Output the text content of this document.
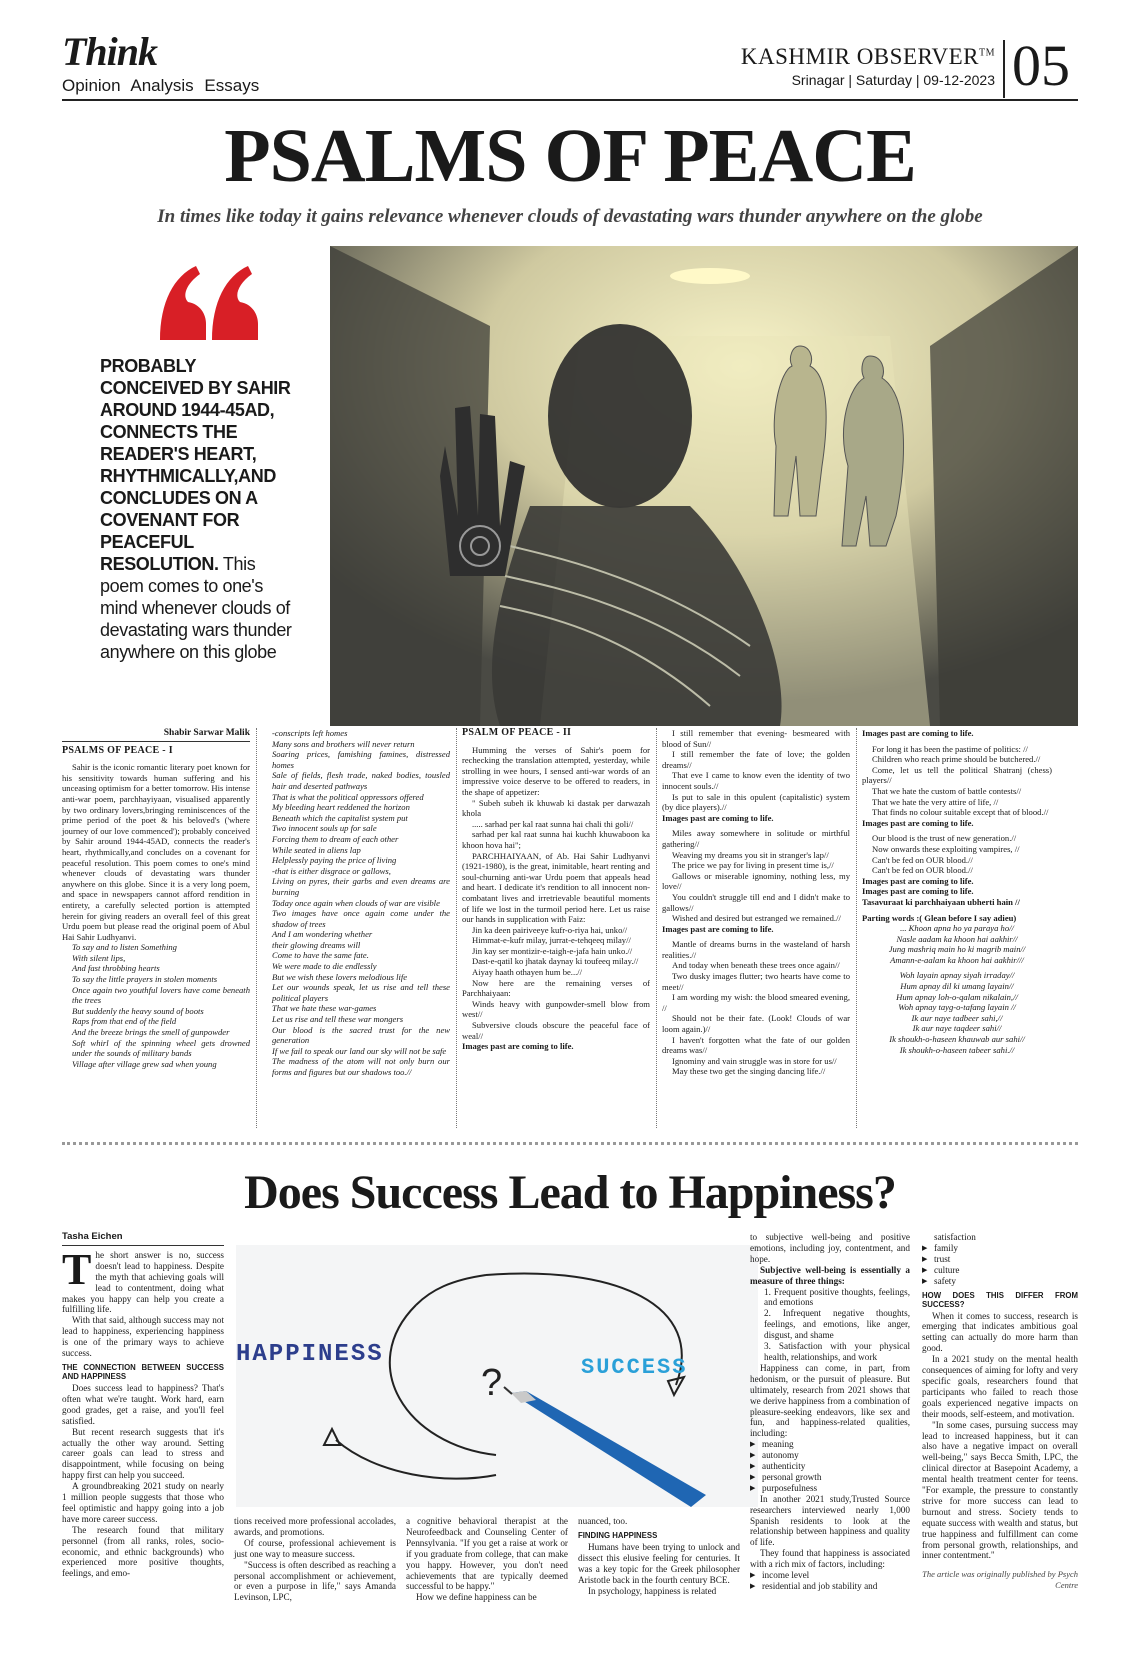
Think
Opinion Analysis Essays
KASHMIR OBSERVER™
Srinagar | Saturday | 09-12-2023 05
PSALMS OF PEACE
In times like today it gains relevance whenever clouds of devastating wars thunder anywhere on the globe
PROBABLY CONCEIVED BY SAHIR AROUND 1944-45AD, CONNECTS THE READER'S HEART, RHYTHMICALLY,AND CONCLUDES ON A COVENANT FOR PEACEFUL RESOLUTION. This poem comes to one's mind whenever clouds of devastating wars thunder anywhere on this globe
Shabir Sarwar Malik
PSALMS OF PEACE - I

Sahir is the iconic romantic literary poet known for his sensitivity towards human suffering and his unceasing optimism for a better tomorrow. His intense anti-war poem, parchhayiyaan, visualised apparently by two ordinary lovers,bringing reminiscences of the prime period of the poet & his beloved's ('where journey of our love commenced'); probably conceived by Sahir around 1944-45AD, connects the reader's heart, rhythmically,and concludes on a covenant for peaceful resolution. This poem comes to one's mind whenever clouds of devastating wars thunder anywhere on this globe. Since it is a very long poem, and space in newspapers cannot afford rendition in entirety, a carefully selected portion is attempted herein for giving readers an overall feel of this great Urdu poem but please read the original poem of Abul Hai Sahir Ludhyanvi.

To say and to listen Something

With silent lips,

And fast throbbing hearts

To say the little prayers in stolen moments

Once again two youthful lovers have come beneath the trees

But suddenly the heavy sound of boots

Raps from that end of the field

And the breeze brings the smell of gunpowder

Soft whirl of the spinning wheel gets drowned under the sounds of military bands

Village after village grew sad when young

-conscripts left homes

Many sons and brothers will never return

Soaring prices, famishing famines, distressed homes

Sale of fields, flesh trade, naked bodies, tousled hair and deserted pathways

That is what the political oppressors offered

My bleeding heart reddened the horizon

Beneath which the capitalist system put

Two innocent souls up for sale

Forcing them to dream of each other

While seated in aliens lap

Helplessly paying the price of living

-that is either disgrace or gallows,

Living on pyres, their garbs and even dreams are burning

Today once again when clouds of war are visible

Two images have once again come under the shadow of trees

And I am wondering whether

their glowing dreams will

Come to have the same fate.

We were made to die endlessly

But we wish these lovers melodious life

Let our wounds speak, let us rise and tell these political players

That we hate these war-games

Let us rise and tell these war mongers

Our blood is the sacred trust for the new generation

If we fail to speak our land our sky will not be safe

The madness of the atom will not only burn our forms and figures but our shadows too.//

PSALM OF PEACE - II

Humming the verses of Sahir's poem for rechecking the translation attempted, yesterday, while strolling in wee hours, I sensed anti-war words of an impressive voice deserve to be offered to readers, in the shape of appetizer:

" Subeh subeh ik khuwab ki dastak per darwazah khola

..... sarhad per kal raat sunna hai chali thi goli//

sarhad per kal raat sunna hai kuchh khuwaboon ka khoon hova hai";

PARCHHAIYAAN, of Ab. Hai Sahir Ludhyanvi (1921-1980), is the great, inimitable, heart renting and soul-churning anti-war Urdu poem that appeals head and heart. I dedicate it's rendition to all innocent non-combatant lives and irretrievable beautiful moments of life we lost in the turmoil period here. Let us raise our hands in supplication with Faiz:

Jin ka deen pairiveeye kufr-o-riya hai, unko//

Himmat-e-kufr milay, jurrat-e-tehqeeq milay//

Jin kay ser montizir-e-taigh-e-jafa hain unko.//

Dast-e-qatil ko jhatak daynay ki toufeeq milay.//

Aiyay haath othayen hum be...//

Now here are the remaining verses of Parchhaiyaan:

Winds heavy with gunpowder-smell blow from west//

Subversive clouds obscure the peaceful face of weal//

Images past are coming to life.

I still remember that evening- besmeared with blood of Sun//

I still remember the fate of love; the golden dreams//

That eve I came to know even the identity of two innocent souls.//

Is put to sale in this opulent (capitalistic) system (by dice players).//

Images past are coming to life.

Miles away somewhere in solitude or mirthful gathering//

Weaving my dreams you sit in stranger's lap//

The price we pay for living in present time is,//

Gallows or miserable ignominy, nothing less, my love//

You couldn't struggle till end and I didn't make to gallows//

Wished and desired but estranged we remained.//

Images past are coming to life.

Mantle of dreams burns in the wasteland of harsh realities.//

And today when beneath these trees once again//

Two dusky images flutter; two hearts have come to meet//

I am wording my wish: the blood smeared evening, //

Should not be their fate. (Look! Clouds of war loom again.)//

I haven't forgotten what the fate of our golden dreams was//

Ignominy and vain struggle was in store for us//

May these two get the singing dancing life.//

Images past are coming to life.

For long it has been the pastime of politics: //

Children who reach prime should be butchered.//

Come, let us tell the political Shatranj (chess) players//

That we hate the custom of battle contests//

That we hate the very attire of life, //

That finds no colour suitable except that of blood.//

Images past are coming to life.

Our blood is the trust of new generation.//

Now onwards these exploiting vampires, //

Can't be fed on OUR blood.//

Can't be fed on OUR blood.//

Images past are coming to life.

Images past are coming to life.

Tasavuraat ki parchhaiyaan ubherti hain //

Parting words :( Glean before I say adieu)

... Khoon apna ho ya paraya ho//

Nasle aadam ka khoon hai aakhir//

Jung mashriq main ho ki magrib main//

Amann-e-aalam ka khoon hai aakhir///

Woh layain apnay siyah irraday//

Hum apnay dil ki umang layain//

Hum apnay loh-o-qalam nikalain,//

Woh apnay tayg-o-tafang layain //

Ik aur naye tadbeer sahi,//

Ik aur naye taqdeer sahi//

Ik shoukh-o-haseen khauwab aur sahi//

Ik shoukh-o-haseen tabeer sahi.//

Does Success Lead to Happiness?
HAPPINESS	SUCCESS
?
Tasha Eichen

The short answer is no, success doesn't lead to happiness. Despite the myth that achieving goals will lead to contentment, doing what makes you happy can help you create a fulfilling life.

With that said, although success may not lead to happiness, experiencing happiness is one of the primary ways to achieve success.

THE CONNECTION BETWEEN SUCCESS AND HAPPINESS

Does success lead to happiness? That's often what we're taught. Work hard, earn good grades, get a raise, and you'll feel satisfied.

But recent research suggests that it's actually the other way around. Setting career goals can lead to stress and disappointment, while focusing on being happy first can help you succeed.

A groundbreaking 2021 study on nearly 1 million people suggests that those who feel optimistic and happy going into a job have more career success.

The research found that military personnel (from all ranks, roles, socio-economic, and ethnic backgrounds) who experienced more positive thoughts, feelings, and emo-

tions received more professional accolades, awards, and promotions.

Of course, professional achievement is just one way to measure success.

"Success is often described as reaching a personal accomplishment or achievement, or even a purpose in life," says Amanda Levinson, LPC,

a cognitive behavioral therapist at the Neurofeedback and Counseling Center of Pennsylvania. "If you get a raise at work or if you graduate from college, that can make you happy. However, you don't need achievements that are typically deemed successful to be happy."

How we define happiness can be

nuanced, too.

FINDING HAPPINESS

Humans have been trying to unlock and dissect this elusive feeling for centuries. It was a key topic for the Greek philosopher Aristotle back in the fourth century BCE.

In psychology, happiness is related

to subjective well-being and positive emotions, including joy, contentment, and hope.

Subjective well-being is essentially a measure of three things:

1. Frequent positive thoughts, feelings, and emotions

2. Infrequent negative thoughts, feelings, and emotions, like anger, disgust, and shame

3. Satisfaction with your physical health, relationships, and work

Happiness can come, in part, from hedonism, or the pursuit of pleasure. But ultimately, research from 2021 shows that we derive happiness from a combination of pleasure-seeking endeavors, like sex and fun, and happiness-related qualities, including:

▶ meaning

▶ autonomy

▶ authenticity

▶ personal growth

▶ purposefulness

In another 2021 study,Trusted Source researchers interviewed nearly 1,000 Spanish residents to look at the relationship between happiness and quality of life.

They found that happiness is associated with a rich mix of factors, including:

▶ income level

▶ residential and job stability and

satisfaction

▶ family

▶ trust

▶ culture

▶ safety

HOW DOES THIS DIFFER FROM SUCCESS?

When it comes to success, research is emerging that indicates ambitious goal setting can actually do more harm than good.

In a 2021 study on the mental health consequences of aiming for lofty and very specific goals, researchers found that participants who failed to reach those goals experienced negative impacts on their moods, self-esteem, and motivation.

"In some cases, pursuing success may lead to increased happiness, but it can also have a negative impact on overall well-being," says Becca Smith, LPC, the clinical director at Basepoint Academy, a mental health treatment center for teens. "For example, the pressure to constantly strive for more success can lead to burnout and stress. Society tends to equate success with wealth and status, but true happiness and fulfillment can come from personal growth, relationships, and inner contentment."

The article was originally published by Psych Centre
